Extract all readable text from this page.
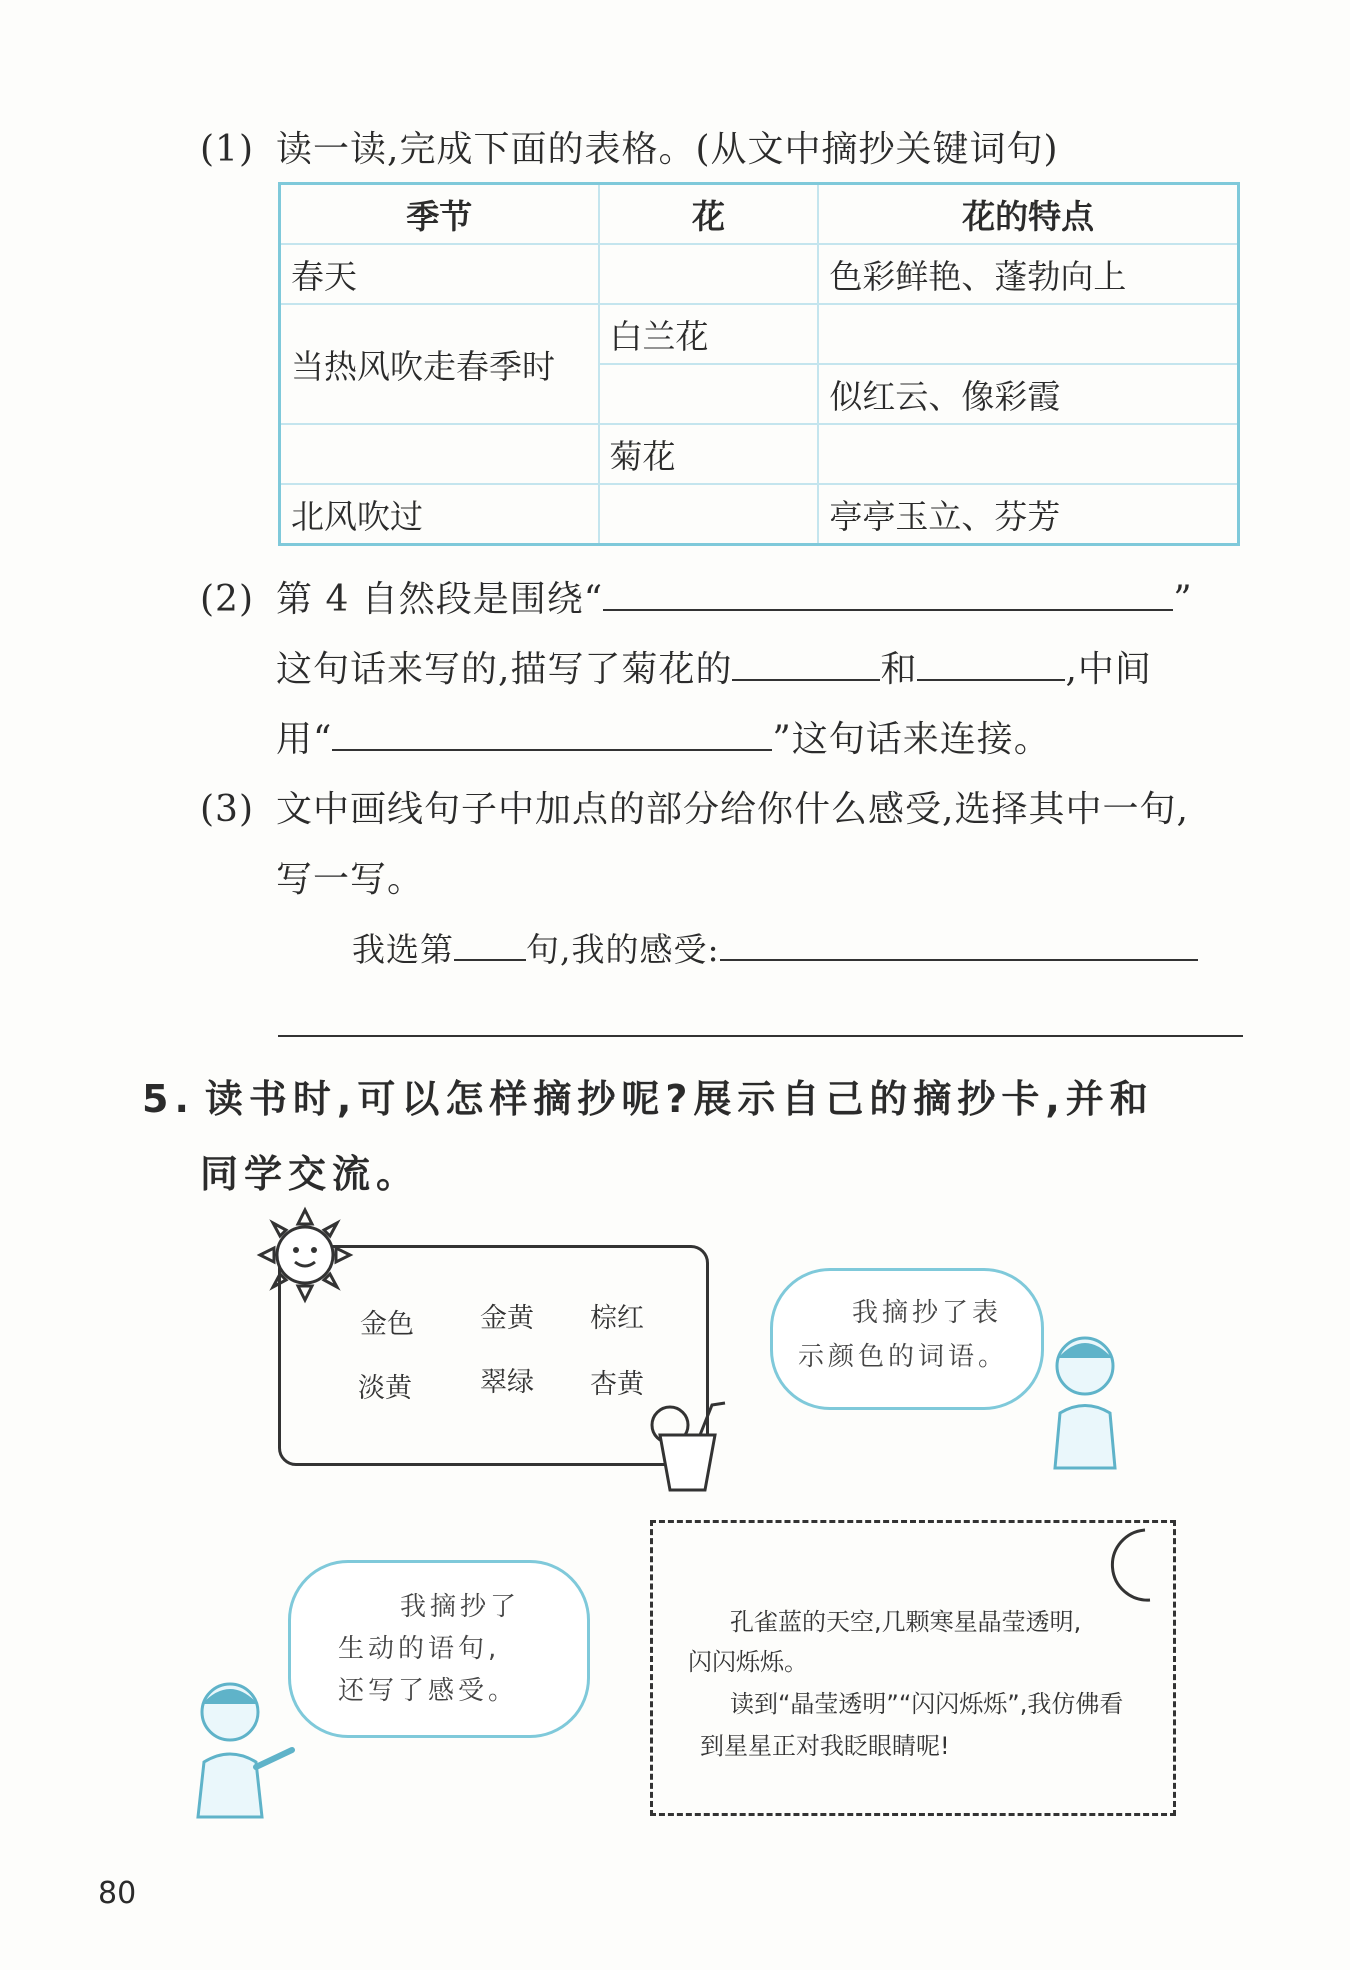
(1) 读一读,完成下面的表格。(从文中摘抄关键词句)
季节	花	花的特点
春天		色彩鲜艳、蓬勃向上
当热风吹走春季时	白兰花	
		似红云、像彩霞
	菊花	
北风吹过		亭亭玉立、芬芳
(2) 第 4 自然段是围绕“	”
这句话来写的,描写了菊花的	和	,中间
用“	”这句话来连接。
(3) 文中画线句子中加点的部分给你什么感受,选择其中一句,
写一写。
我选第 句,我的感受:
5. 读书时,可以怎样摘抄呢?展示自己的摘抄卡,并和
同学交流。
金色 金黄 棕红
淡黄	翠绿 杏黄
我摘抄了表
示颜色的词语。
孔雀蓝的天空,几颗寒星晶莹透明,
闪闪烁烁。
读到“晶莹透明”“闪闪烁烁”,我仿佛看
到星星正对我眨眼睛呢!
我摘抄了
生动的语句,
还写了感受。
80
